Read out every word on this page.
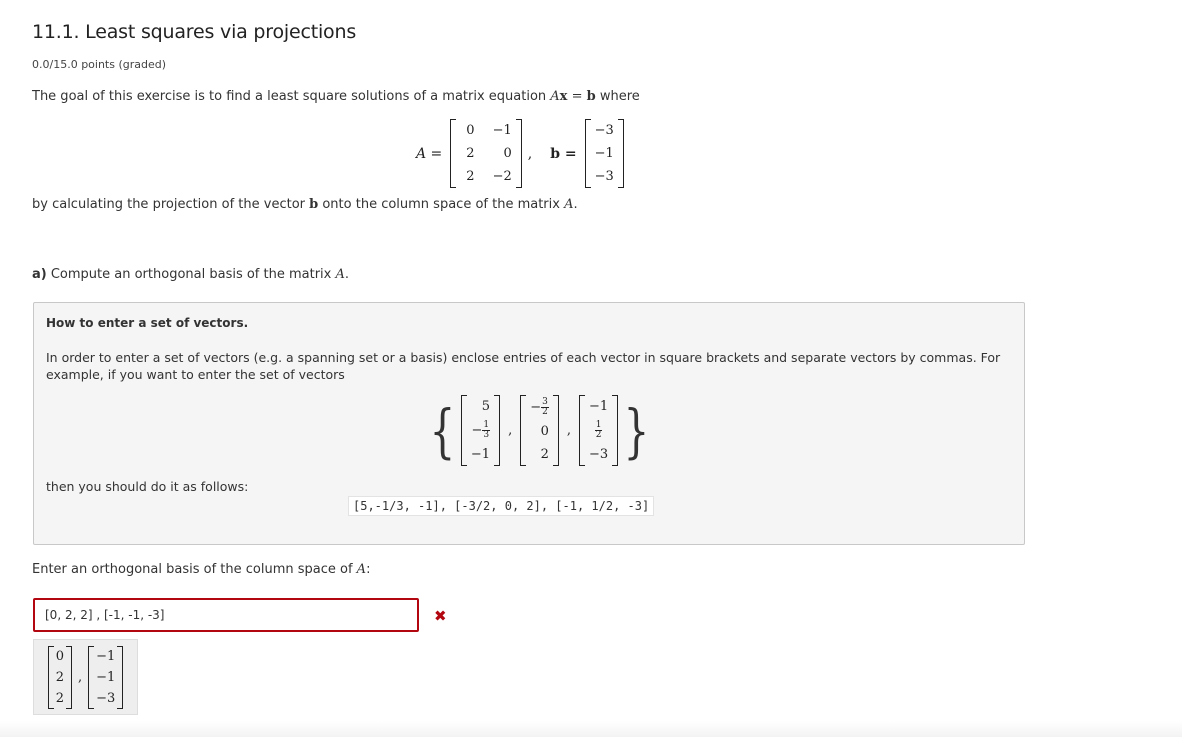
11.1. Least squares via projections
0.0/15.0 points (graded)
The goal of this exercise is to find a least square solutions of a matrix equation Ax = b where
A =
0	−1
2	0
2	−2
, b =
−3
−1
−3
by calculating the projection of the vector b onto the column space of the matrix A.
a) Compute an orthogonal basis of the matrix A.
How to enter a set of vectors.
In order to enter a set of vectors (e.g. a spanning set or a basis) enclose entries of each vector in square brackets and separate vectors by commas. For example, if you want to enter the set of vectors
{	5
− $\frac{1}{3}$
−1
,
− $\frac{3}{2}$
0
2
,
−1
$\frac{1}{2}$
−3 }
then you should do it as follows:
[5,-1/3, -1], [-3/2, 0, 2], [-1, 1/2, -3]
Enter an orthogonal basis of the column space of A:
[0, 2, 2] , [-1, -1, -3]
✖
0
2
2
,
−1
−1
−3
